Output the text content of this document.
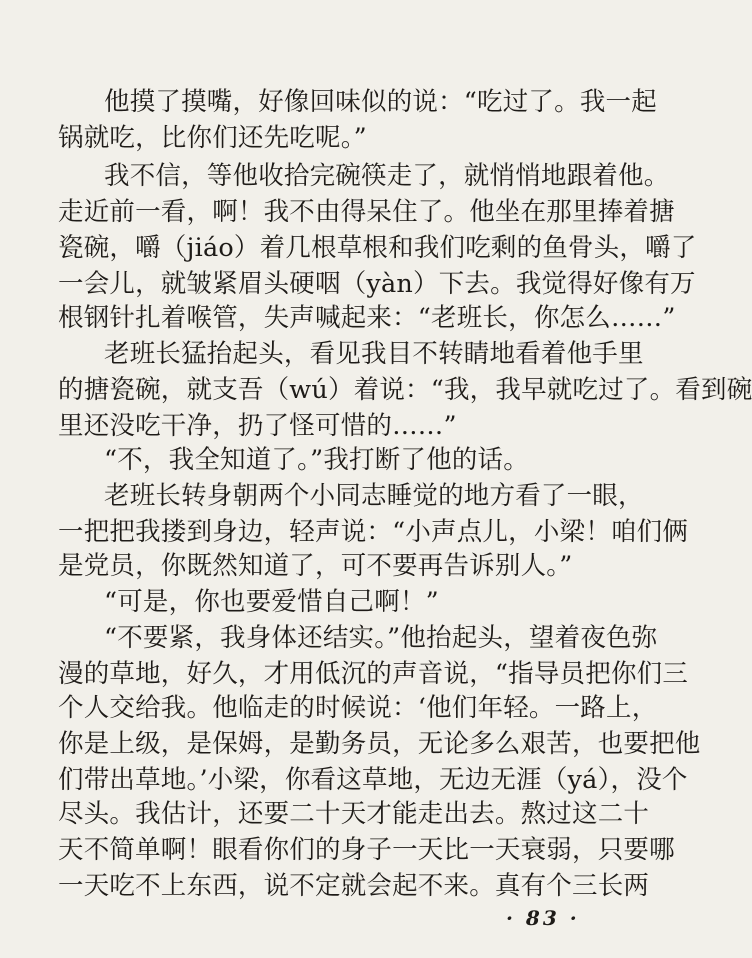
他摸了摸嘴，好像回味似的说：“吃过了。我一起
锅就吃，比你们还先吃呢。”
我不信，等他收拾完碗筷走了，就悄悄地跟着他。
走近前一看，啊！我不由得呆住了。他坐在那里捧着搪
瓷碗，嚼（jiáo）着几根草根和我们吃剩的鱼骨头，嚼了
一会儿，就皱紧眉头硬咽（yàn）下去。我觉得好像有万
根钢针扎着喉管，失声喊起来：“老班长，你怎么……”
老班长猛抬起头，看见我目不转睛地看着他手里
的搪瓷碗，就支吾（wú）着说：“我，我早就吃过了。看到碗
里还没吃干净，扔了怪可惜的……”
“不，我全知道了。”我打断了他的话。
老班长转身朝两个小同志睡觉的地方看了一眼，
一把把我搂到身边，轻声说：“小声点儿，小梁！咱们俩
是党员，你既然知道了，可不要再告诉别人。”
“可是，你也要爱惜自己啊！”
“不要紧，我身体还结实。”他抬起头，望着夜色弥
漫的草地，好久，才用低沉的声音说，“指导员把你们三
个人交给我。他临走的时候说：‘他们年轻。一路上，
你是上级，是保姆，是勤务员，无论多么艰苦，也要把他
们带出草地。’小梁，你看这草地，无边无涯（yá），没个
尽头。我估计，还要二十天才能走出去。熬过这二十
天不简单啊！眼看你们的身子一天比一天衰弱，只要哪
一天吃不上东西，说不定就会起不来。真有个三长两
· 83 ·
